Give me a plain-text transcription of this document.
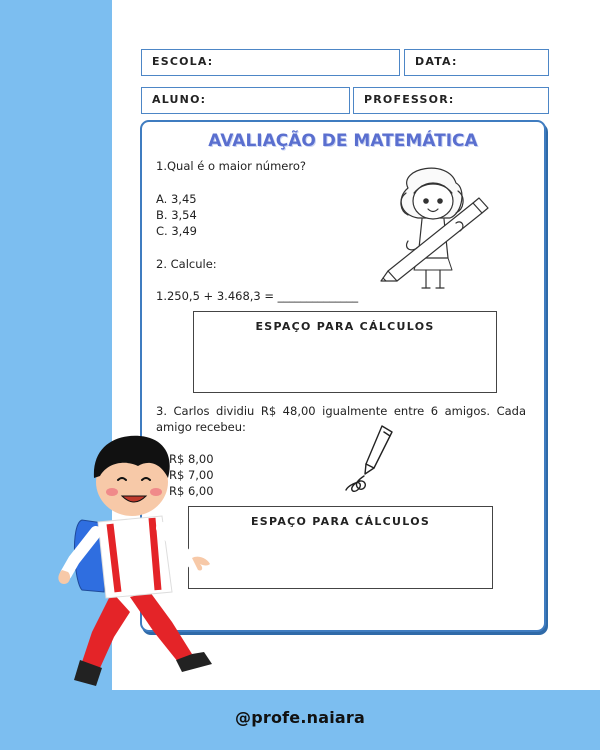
ESCOLA:	DATA:
ALUNO:	PROFESSOR:
AVALIAÇÃO DE MATEMÁTICA
1.Qual é o maior número?
A. 3,45
B. 3,54
C. 3,49
2. Calcule:
1.250,5 + 3.468,3 = ______________
ESPAÇO PARA CÁLCULOS
3. Carlos dividiu R$ 48,00 igualmente entre 6 amigos. Cada amigo recebeu:
R$ 8,00
R$ 7,00
R$ 6,00
ESPAÇO PARA CÁLCULOS
@profe.naiara
